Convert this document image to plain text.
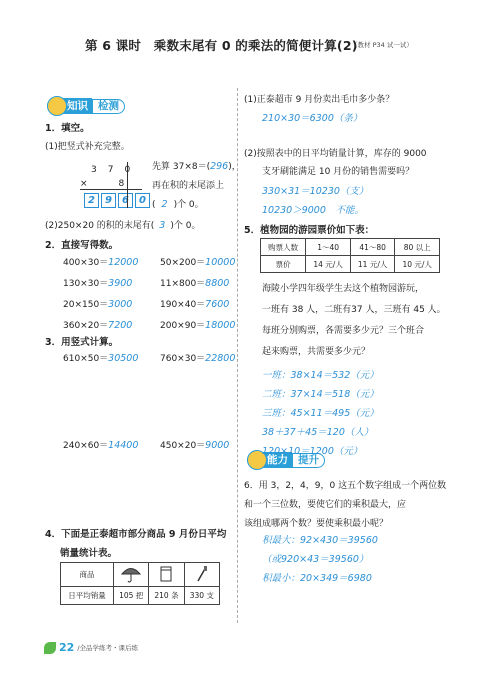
第 6 课时　乘数末尾有 0 的乘法的简便计算(2)
（教材 P34 试一试）
知识 检测
1．填空。
(1)把竖式补充完整。
3　7　0
×　　　8
2	9	6	0
先算 37×8＝(296)，
再在积的末尾添上
( 2 )个 0。
(2)250×20 的积的末尾有( 3 )个 0。
2．直接写得数。
3．用竖式计算。
4．下面是正泰超市部分商品 9 月份日平均
销量统计表。
商品			
日平均销量	105 把	210 条	330 支
(1)正泰超市 9 月份卖出毛巾多少条？
210×30＝6300（条）
(2)按照表中的日平均销量计算，库存的 9000
支牙刷能满足 10 月份的销售需要吗？
330×31＝10230（支）
10230＞9000　不能。
5．植物园的游园票价如下表：
购票人数	1～40	41～80	80 以上
票价	14 元/人	11 元/人	10 元/人
能力 提升
22 /全品学练考・课后练
400×30＝12000 50×200＝10000
130×30＝3900	11×800＝8800
20×150＝3000	190×40＝7600
360×20＝7200	200×90＝18000
610×50＝30500 760×30＝22800
240×60＝14400 450×20＝9000
海陵小学四年级学生去这个植物园游玩，
一班有 38 人，二班有37 人，三班有 45 人。
每班分别购票，各需要多少元？三个班合
起来购票，共需要多少元？
一班：38×14＝532（元）
二班：37×14＝518（元）
三班：45×11＝495（元）
38＋37＋45＝120（人）
120×10＝1200（元）
6．用 3，2，4，9，0 这五个数字组成一个两位数
和一个三位数，要使它们的乘积最大，应
该组成哪两个数？要使乘积最小呢？
积最大：92×430＝39560
（或920×43＝39560）
积最小：20×349＝6980
